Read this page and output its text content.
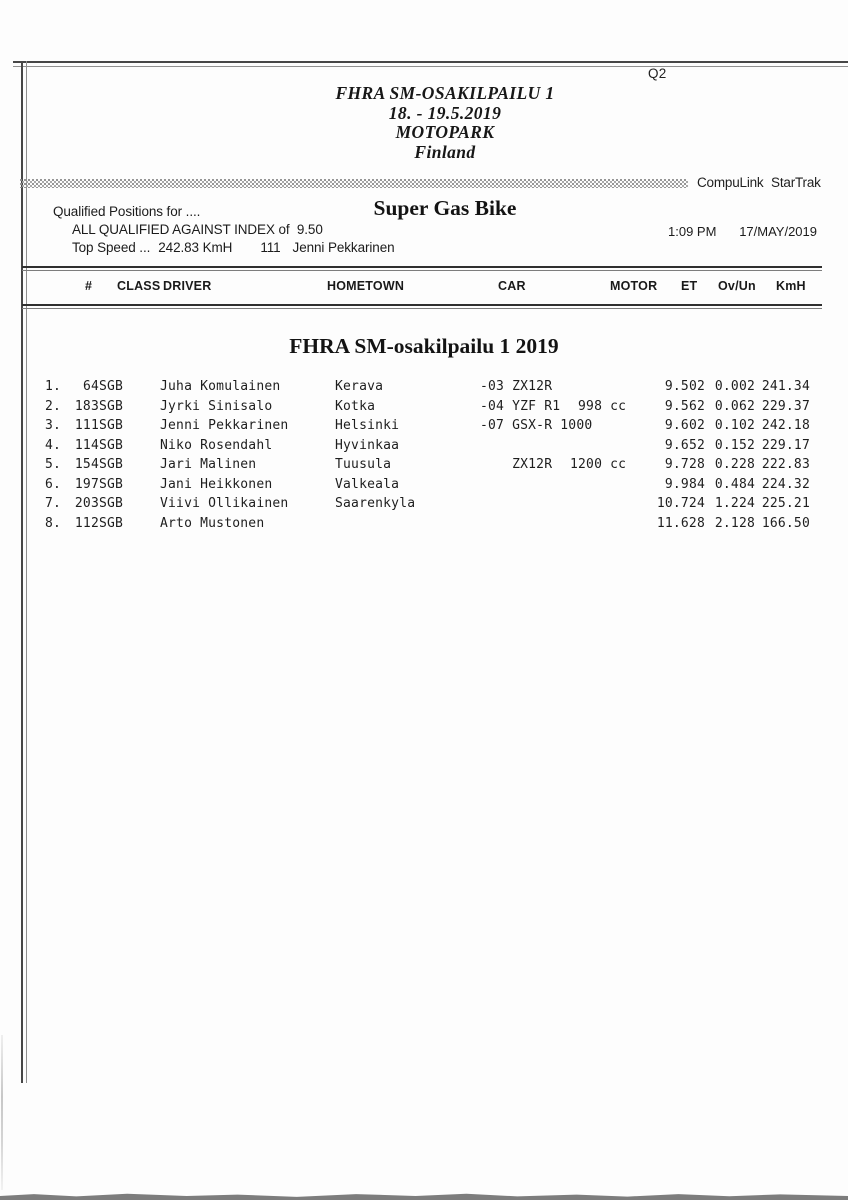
Q2
FHRA SM-OSAKILPAILU 1
18. - 19.5.2019
MOTOPARK
Finland
CompuLink StarTrak
Qualified Positions for ....	Super Gas Bike
ALL QUALIFIED AGAINST INDEX of  9.50	1:09 PM 17/MAY/2019
Top Speed ... 242.83 KmH 111 Jenni Pekkarinen
# CLASS DRIVER	HOMETOWN	CAR	MOTOR ET Ov/Un KmH
FHRA SM-osakilpailu 1 2019
1.	64	SGB	Juha Komulainen	Kerava	-03 ZX12R		9.502	0.002	241.34
2.	183	SGB	Jyrki Sinisalo	Kotka	-04 YZF R1	998 cc	9.562	0.062	229.37
3.	111	SGB	Jenni Pekkarinen	Helsinki	-07 GSX-R 1000		9.602	0.102	242.18
4.	114	SGB	Niko Rosendahl	Hyvinkaa			9.652	0.152	229.17
5.	154	SGB	Jari Malinen	Tuusula	ZX12R	1200 cc	9.728	0.228	222.83
6.	197	SGB	Jani Heikkonen	Valkeala			9.984	0.484	224.32
7.	203	SGB	Viivi Ollikainen	Saarenkyla			10.724	1.224	225.21
8.	112	SGB	Arto Mustonen				11.628	2.128	166.50
